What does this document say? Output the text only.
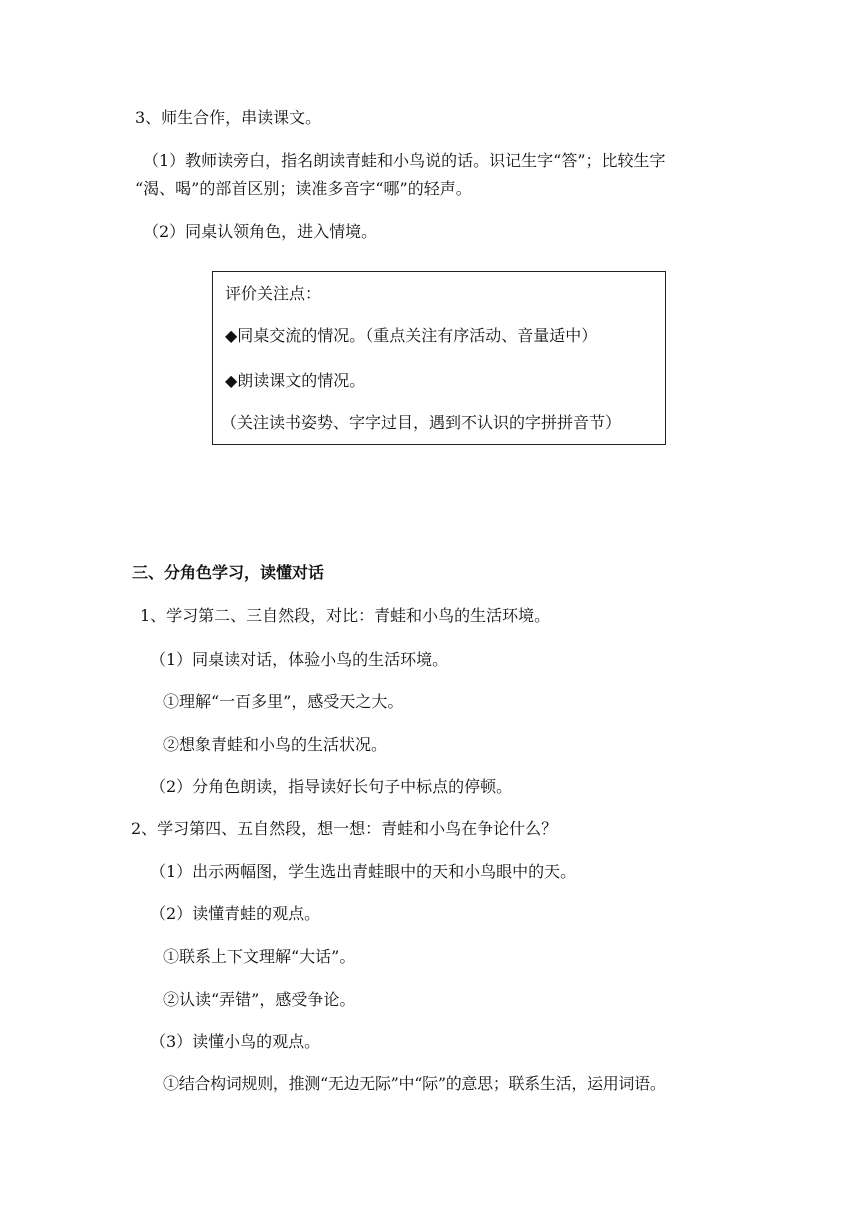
3、师生合作，串读课文。
（1）教师读旁白，指名朗读青蛙和小鸟说的话。识记生字“答”；比较生字
“渴、喝”的部首区别；读准多音字“哪”的轻声。
（2）同桌认领角色，进入情境。
评价关注点：
◆同桌交流的情况。（重点关注有序活动、音量适中）
◆朗读课文的情况。
（关注读书姿势、字字过目，遇到不认识的字拼拼音节）
三、分角色学习，读懂对话
1、学习第二、三自然段，对比：青蛙和小鸟的生活环境。
（1）同桌读对话，体验小鸟的生活环境。
①理解“一百多里”，感受天之大。
②想象青蛙和小鸟的生活状况。
（2）分角色朗读，指导读好长句子中标点的停顿。
2、学习第四、五自然段，想一想：青蛙和小鸟在争论什么？
（1）出示两幅图，学生选出青蛙眼中的天和小鸟眼中的天。
（2）读懂青蛙的观点。
①联系上下文理解“大话”。
②认读“弄错”，感受争论。
（3）读懂小鸟的观点。
①结合构词规则，推测“无边无际”中“际”的意思；联系生活，运用词语。
